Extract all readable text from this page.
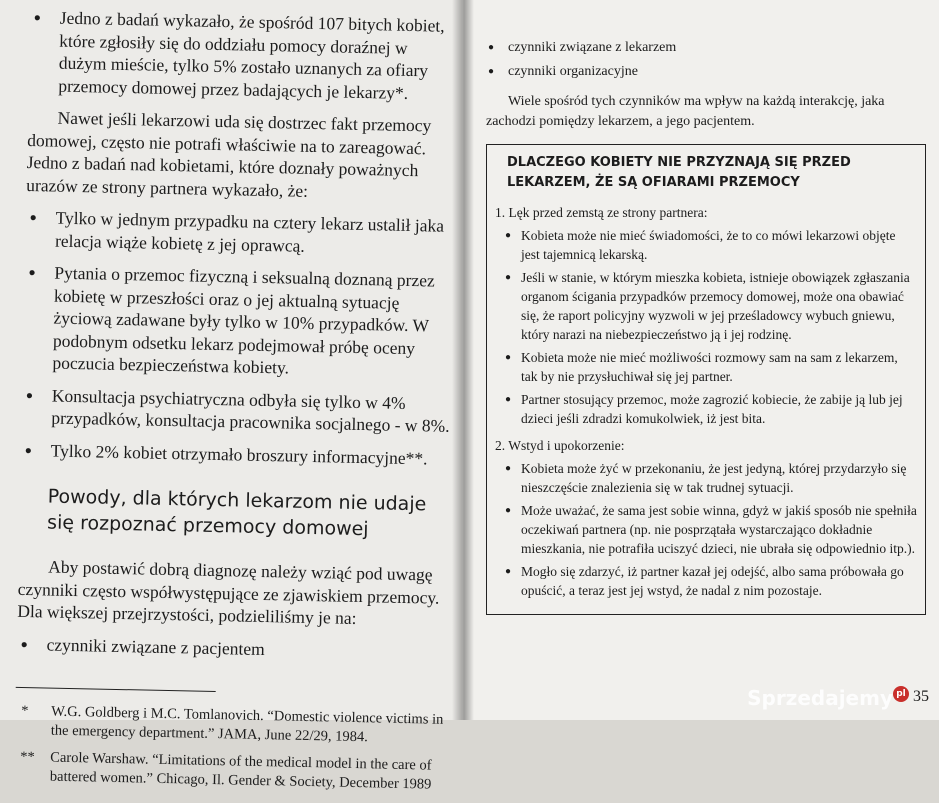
● Jedno z badań wykazało, że spośród 107 bitych kobiet, które zgłosiły się do oddziału pomocy doraźnej w dużym mieście, tylko 5% zostało uznanych za ofiary przemocy domowej przez badających je lekarzy*.

Nawet jeśli lekarzowi uda się dostrzec fakt przemocy domowej, często nie potrafi właściwie na to zareagować. Jedno z badań nad kobietami, które doznały poważnych urazów ze strony partnera wykazało, że:

● Tylko w jednym przypadku na cztery lekarz ustalił jaka relacja wiąże kobietę z jej oprawcą.

● Pytania o przemoc fizyczną i seksualną doznaną przez kobietę w przeszłości oraz o jej aktualną sytuację życiową zadawane były tylko w 10% przypadków. W podobnym odsetku lekarz podejmował próbę oceny poczucia bezpieczeństwa kobiety.

● Konsultacja psychiatryczna odbyła się tylko w 4% przypadków, konsultacja pracownika socjalnego - w 8%.

● Tylko 2% kobiet otrzymało broszury informacyjne**.

Powody, dla których lekarzom nie udaje się rozpoznać przemocy domowej

Aby postawić dobrą diagnozę należy wziąć pod uwagę czynniki często współwystępujące ze zjawiskiem przemocy. Dla większej przejrzystości, podzieliliśmy je na:

● czynniki związane z pacjentem

* W.G. Goldberg i M.C. Tomlanovich. “Domestic violence victims in the emergency department.” JAMA, June 22/29, 1984.

** Carole Warshaw. “Limitations of the medical model in the care of battered women.” Chicago, Il. Gender & Society, December 1989

● czynniki związane z lekarzem

● czynniki organizacyjne

Wiele spośród tych czynników ma wpływ na każdą interakcję, jaka zachodzi pomiędzy lekarzem, a jego pacjentem.

DLACZEGO KOBIETY NIE PRZYZNAJĄ SIĘ PRZED LEKARZEM, ŻE SĄ OFIARAMI PRZEMOCY

1. Lęk przed zemstą ze strony partnera:

● Kobieta może nie mieć świadomości, że to co mówi lekarzowi objęte jest tajemnicą lekarską.

● Jeśli w stanie, w którym mieszka kobieta, istnieje obowiązek zgłaszania organom ścigania przypadków przemocy domowej, może ona obawiać się, że raport policyjny wyzwoli w jej prześladowcy wybuch gniewu, który narazi na niebezpieczeństwo ją i jej rodzinę.

● Kobieta może nie mieć możliwości rozmowy sam na sam z lekarzem, tak by nie przysłuchiwał się jej partner.

● Partner stosujący przemoc, może zagrozić kobiecie, że zabije ją lub jej dzieci jeśli zdradzi komukolwiek, iż jest bita.

2. Wstyd i upokorzenie:

● Kobieta może żyć w przekonaniu, że jest jedyną, której przydarzyło się nieszczęście znalezienia się w tak trudnej sytuacji.

● Może uważać, że sama jest sobie winna, gdyż w jakiś sposób nie spełniła oczekiwań partnera (np. nie posprzątała wystarczająco dokładnie mieszkania, nie potrafiła uciszyć dzieci, nie ubrała się odpowiednio itp.).

● Mogło się zdarzyć, iż partner kazał jej odejść, albo sama próbowała go opuścić, a teraz jest jej wstyd, że nadal z nim pozostaje.

Sprzedajemy pl 35
